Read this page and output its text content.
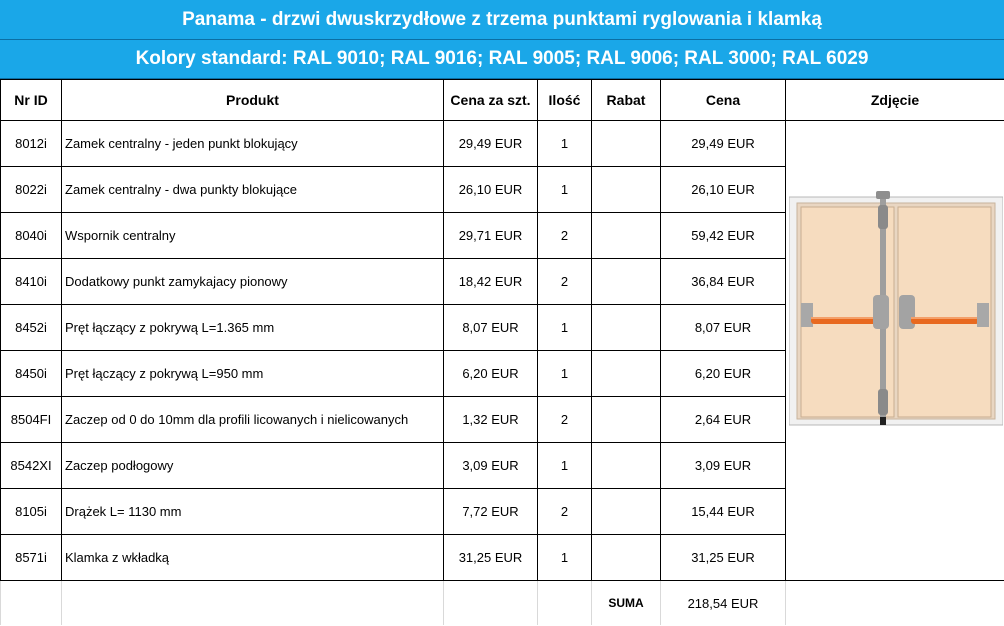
Panama - drzwi dwuskrzydłowe z trzema punktami ryglowania i klamką
Kolory standard: RAL 9010; RAL 9016; RAL 9005; RAL 9006; RAL 3000; RAL 6029
Nr ID	Produkt	Cena za szt.	Ilość	Rabat	Cena	Zdjęcie
8012i	Zamek centralny - jeden punkt blokujący	29,49 EUR	1		29,49 EUR	

8022i	Zamek centralny - dwa punkty blokujące	26,10 EUR	1		26,10 EUR	
8040i	Wspornik centralny	29,71 EUR	2		59,42 EUR	
8410i	Dodatkowy punkt zamykajacy pionowy	18,42 EUR	2		36,84 EUR	
8452i	Pręt łączący z pokrywą L=1.365 mm	8,07 EUR	1		8,07 EUR	
8450i	Pręt łączący z pokrywą L=950 mm	6,20 EUR	1		6,20 EUR	
8504FI	Zaczep od 0 do 10mm dla profili licowanych i nielicowanych	1,32 EUR	2		2,64 EUR	
8542XI	Zaczep podłogowy	3,09 EUR	1		3,09 EUR	
8105i	Drążek L= 1130 mm	7,72 EUR	2		15,44 EUR	
8571i	Klamka z wkładką	31,25 EUR	1		31,25 EUR	
				SUMA	218,54 EUR	
